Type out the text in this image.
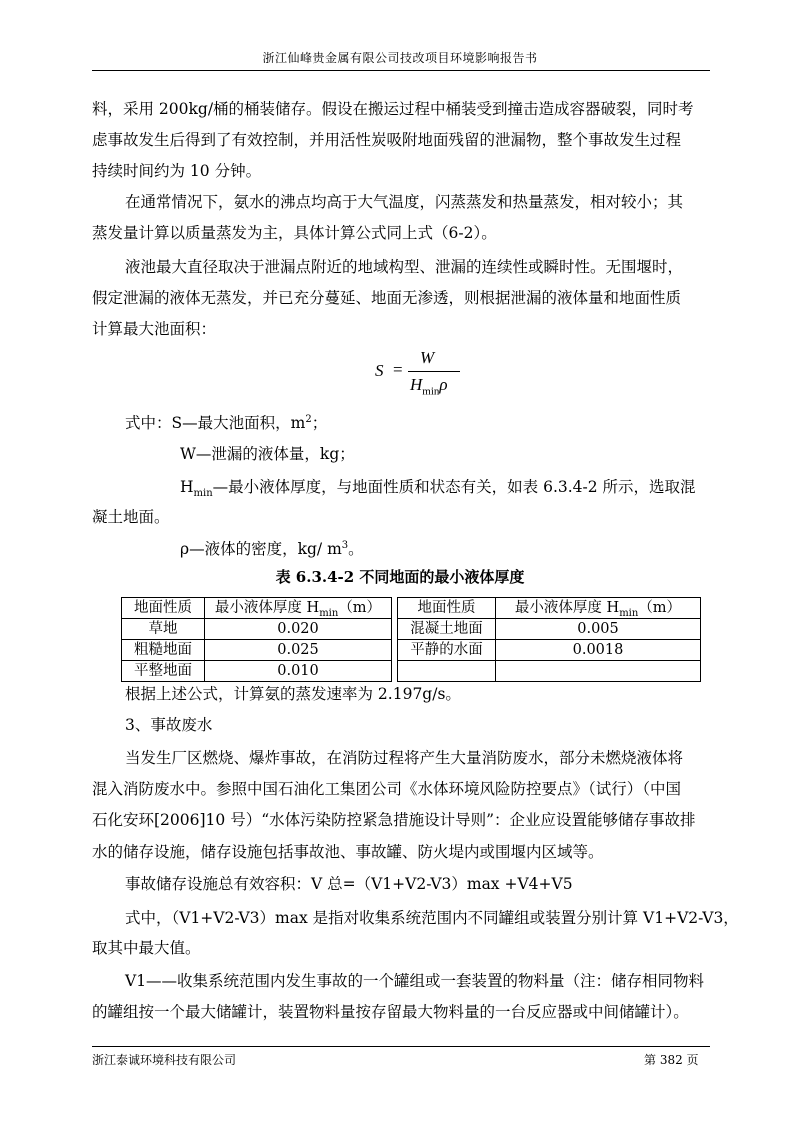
浙江仙峰贵金属有限公司技改项目环境影响报告书
料，采用 200kg/桶的桶装储存。假设在搬运过程中桶装受到撞击造成容器破裂，同时考
虑事故发生后得到了有效控制，并用活性炭吸附地面残留的泄漏物，整个事故发生过程
持续时间约为 10 分钟。
在通常情况下，氨水的沸点均高于大气温度，闪蒸蒸发和热量蒸发，相对较小；其
蒸发量计算以质量蒸发为主，具体计算公式同上式（6-2）。
液池最大直径取决于泄漏点附近的地域构型、泄漏的连续性或瞬时性。无围堰时，
假定泄漏的液体无蒸发，并已充分蔓延、地面无渗透，则根据泄漏的液体量和地面性质
计算最大池面积：
S =
W
$H_{min}\rho$
式中：S—最大池面积，$m^2$；
W—泄漏的液体量，kg；
$H_{min}—$最小液体厚度，与地面性质和状态有关，如表 6.3.4-2 所示，选取混
凝土地面。
ρ—液体的密度，kg/ $m^3$。
表 6.3.4-2 不同地面的最小液体厚度
地面性质	最小液体厚度 $H_{min}(m)$		地面性质	最小液体厚度 $H_{min}(m)$
草地	0.020		混凝土地面	0.005
粗糙地面	0.025		平静的水面	0.0018
平整地面	0.010			
根据上述公式，计算氨的蒸发速率为 2.197g/s。
3、事故废水
当发生厂区燃烧、爆炸事故，在消防过程将产生大量消防废水，部分未燃烧液体将
混入消防废水中。参照中国石油化工集团公司《水体环境风险防控要点》（试行）（中国
石化安环[2006]10 号）“水体污染防控紧急措施设计导则”：企业应设置能够储存事故排
水的储存设施，储存设施包括事故池、事故罐、防火堤内或围堰内区域等。
事故储存设施总有效容积：V 总=（V1+V2-V3）max +V4+V5
式中，（V1+V2-V3）max 是指对收集系统范围内不同罐组或装置分别计算 V1+V2-V3，
取其中最大值。
V1——收集系统范围内发生事故的一个罐组或一套装置的物料量（注：储存相同物料
的罐组按一个最大储罐计，装置物料量按存留最大物料量的一台反应器或中间储罐计）。
浙江泰诚环境科技有限公司	第 382 页
